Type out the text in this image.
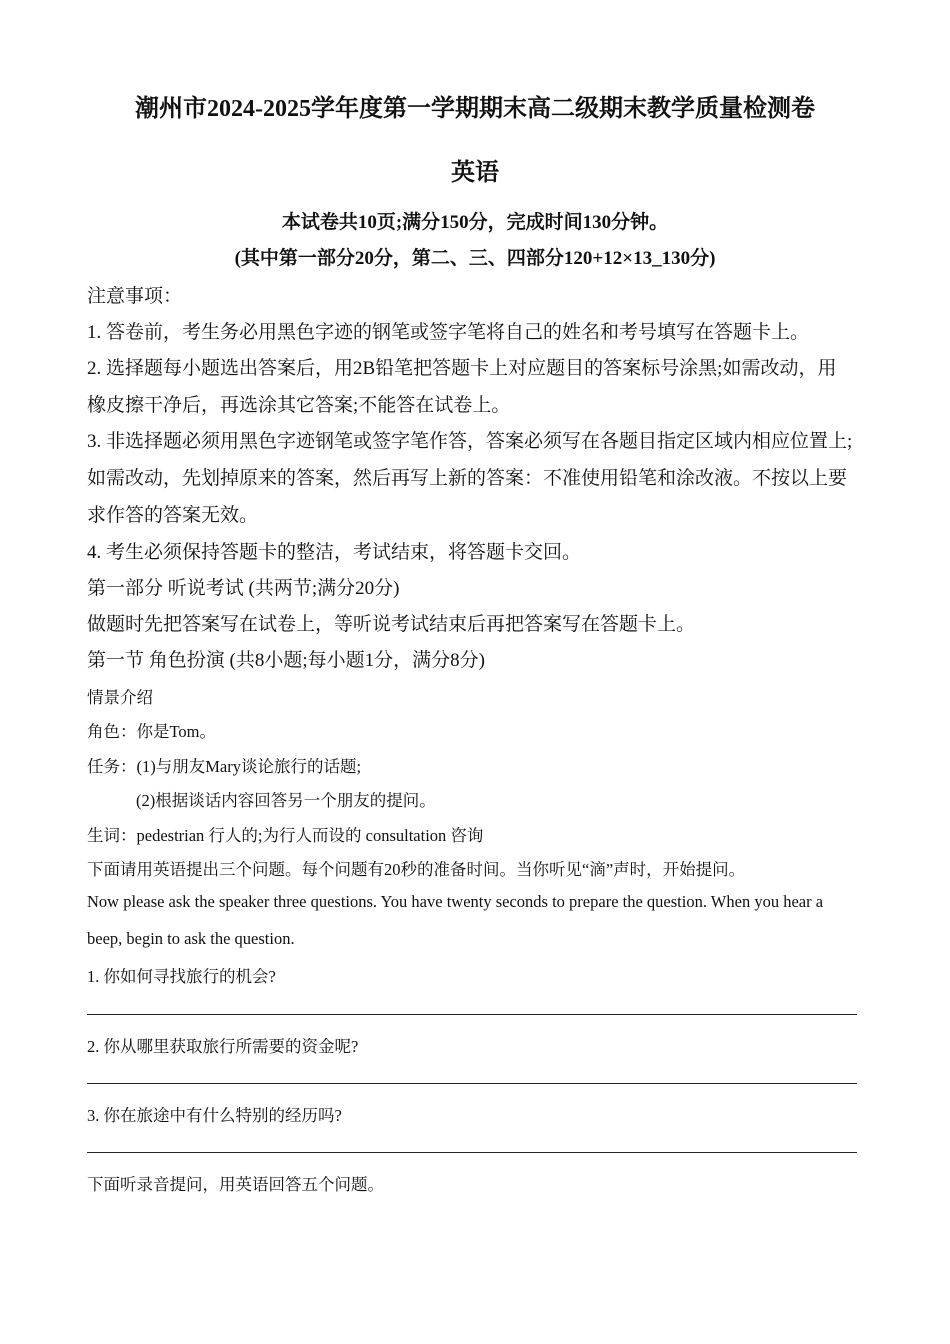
潮州市2024-2025学年度第一学期期末高二级期末教学质量检测卷
英语
本试卷共10页;满分150分，完成时间130分钟。
(其中第一部分20分，第二、三、四部分120+12×13_130分)
注意事项：
1. 答卷前，考生务必用黑色字迹的钢笔或签字笔将自己的姓名和考号填写在答题卡上。
2. 选择题每小题选出答案后，用2B铅笔把答题卡上对应题目的答案标号涂黑;如需改动，用
橡皮擦干净后，再选涂其它答案;不能答在试卷上。
3. 非选择题必须用黑色字迹钢笔或签字笔作答，答案必须写在各题目指定区域内相应位置上;
如需改动，先划掉原来的答案，然后再写上新的答案：不准使用铅笔和涂改液。不按以上要
求作答的答案无效。
4. 考生必须保持答题卡的整洁，考试结束，将答题卡交回。
第一部分 听说考试 (共两节;满分20分)
做题时先把答案写在试卷上，等听说考试结束后再把答案写在答题卡上。
第一节 角色扮演 (共8小题;每小题1分，满分8分)
情景介绍
角色：你是Tom。
任务：(1)与朋友Mary谈论旅行的话题;
(2)根据谈话内容回答另一个朋友的提问。
生词：pedestrian 行人的;为行人而设的 consultation 咨询
下面请用英语提出三个问题。每个问题有20秒的准备时间。当你听见“滴”声时，开始提问。
Now please ask the speaker three questions. You have twenty seconds to prepare the question. When you hear a
beep, begin to ask the question.
1. 你如何寻找旅行的机会?
2. 你从哪里获取旅行所需要的资金呢?
3. 你在旅途中有什么特别的经历吗?
下面听录音提问，用英语回答五个问题。
